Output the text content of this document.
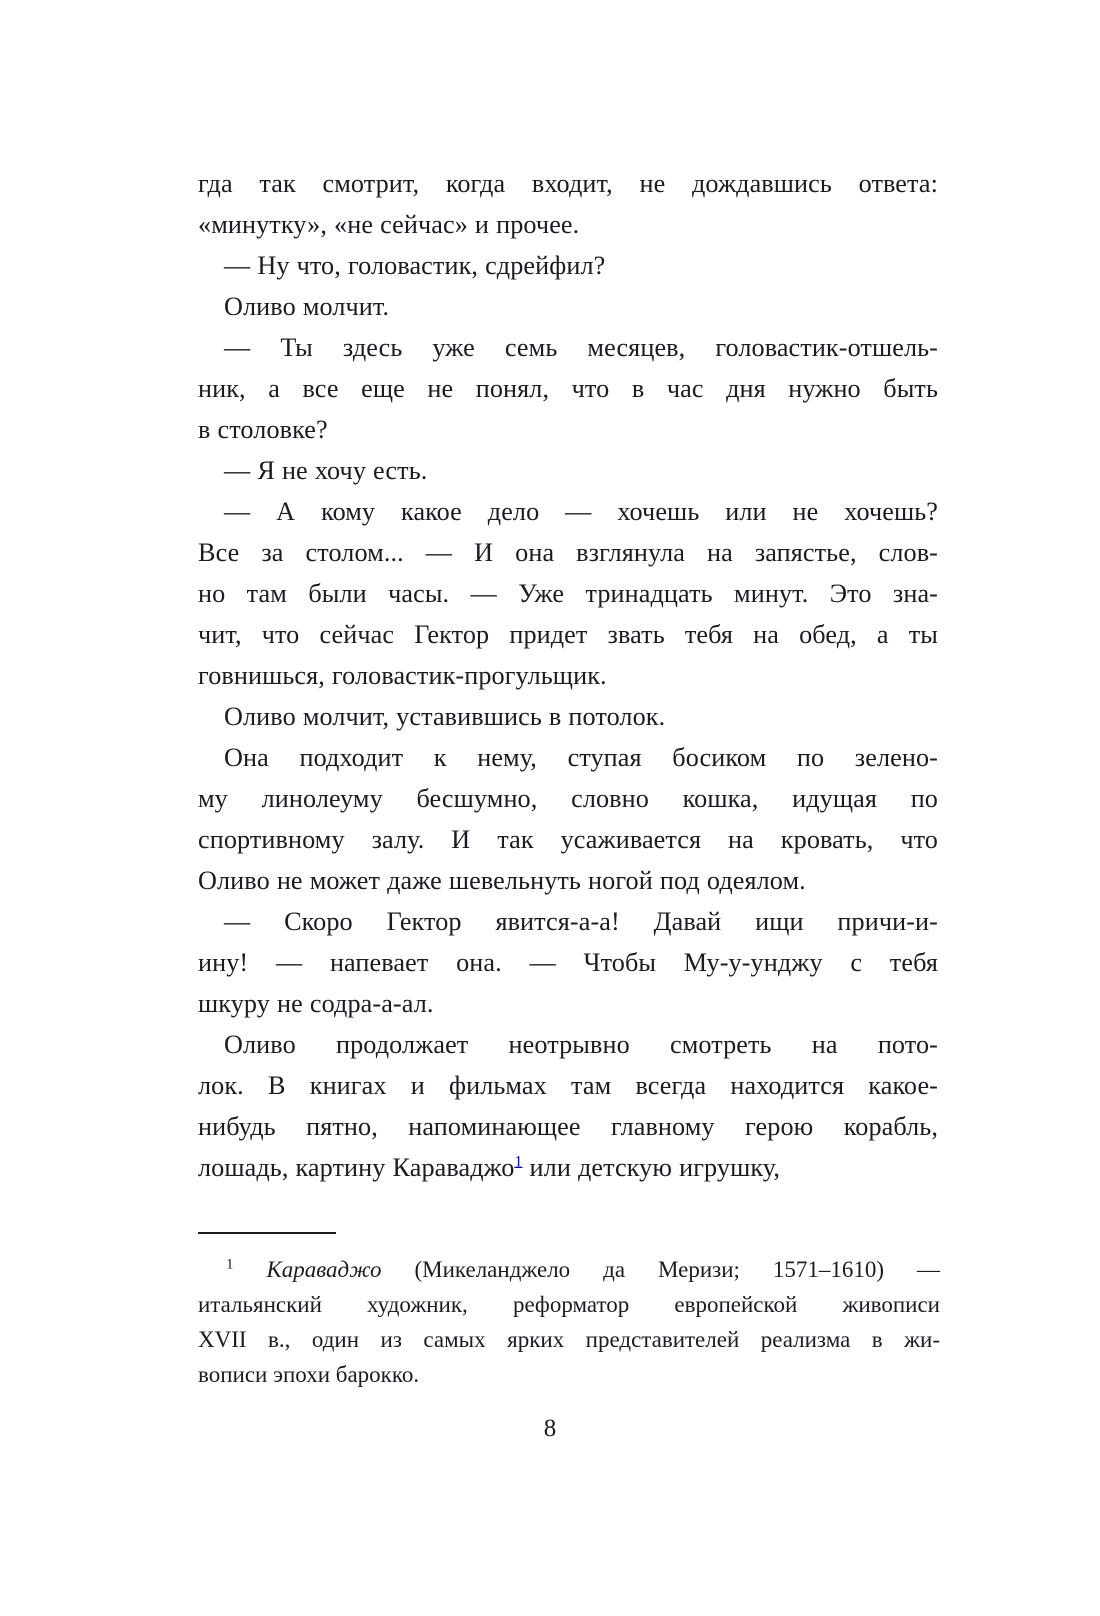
гда так смотрит, когда входит, не дождавшись ответа:
«минутку», «не сейчас» и прочее.

— Ну что, головастик, сдрейфил?

Оливо молчит.

— Ты здесь уже семь месяцев, головастик-отшель-
ник, а все еще не понял, что в час дня нужно быть
в столовке?

— Я не хочу есть.

— А кому какое дело — хочешь или не хочешь?
Все за столом... — И она взглянула на запястье, слов-
но там были часы. — Уже тринадцать минут. Это зна-
чит, что сейчас Гектор придет звать тебя на обед, а ты
говнишься, головастик-прогульщик.

Оливо молчит, уставившись в потолок.

Она подходит к нему, ступая босиком по зелено-
му линолеуму бесшумно, словно кошка, идущая по
спортивному залу. И так усаживается на кровать, что
Оливо не может даже шевельнуть ногой под одеялом.

— Скоро Гектор явится-а-а! Давай ищи причи-и-
ину! — напевает она. — Чтобы Му-у-унджу с тебя
шкуру не содра-а-ал.

Оливо продолжает неотрывно смотреть на пото-
лок. В книгах и фильмах там всегда находится какое-
нибудь пятно, напоминающее главному герою корабль,
лошадь, картину Караваджо$^1$ или детскую игрушку,

$^1$ Караваджо (Микеланджело да Меризи; 1571–1610) —
итальянский художник, реформатор европейской живописи
XVII в., один из самых ярких представителей реализма в жи-
вописи эпохи барокко.

8
